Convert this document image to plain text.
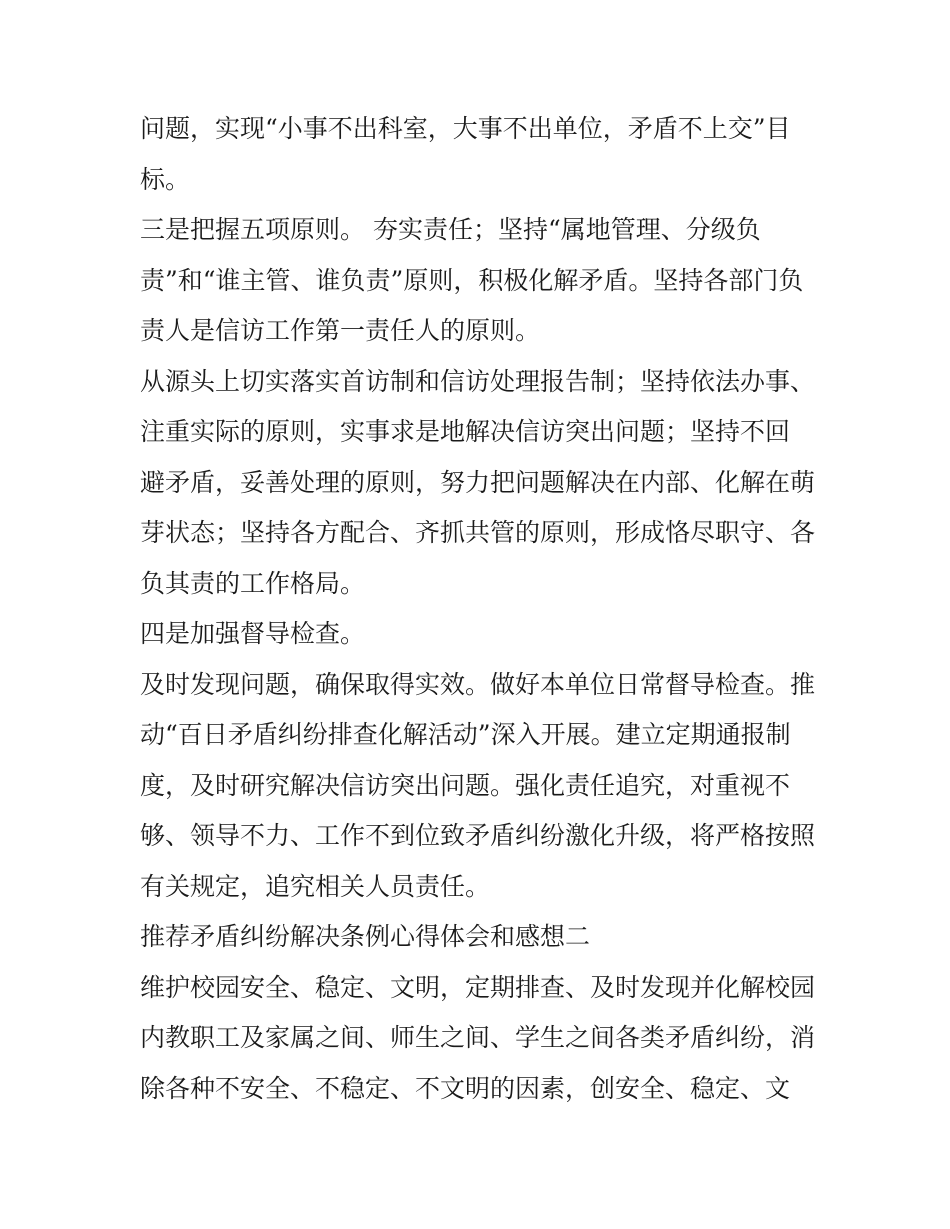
问题，实现“小事不出科室，大事不出单位，矛盾不上交”目
标。
三是把握五项原则。 夯实责任；坚持“属地管理、分级负
责”和“谁主管、谁负责”原则，积极化解矛盾。坚持各部门负
责人是信访工作第一责任人的原则。
从源头上切实落实首访制和信访处理报告制；坚持依法办事、
注重实际的原则，实事求是地解决信访突出问题；坚持不回
避矛盾，妥善处理的原则，努力把问题解决在内部、化解在萌
芽状态；坚持各方配合、齐抓共管的原则，形成恪尽职守、各
负其责的工作格局。
四是加强督导检查。
及时发现问题，确保取得实效。做好本单位日常督导检查。推
动“百日矛盾纠纷排查化解活动”深入开展。建立定期通报制
度，及时研究解决信访突出问题。强化责任追究，对重视不
够、领导不力、工作不到位致矛盾纠纷激化升级，将严格按照
有关规定，追究相关人员责任。
推荐矛盾纠纷解决条例心得体会和感想二
维护校园安全、稳定、文明，定期排查、及时发现并化解校园
内教职工及家属之间、师生之间、学生之间各类矛盾纠纷，消
除各种不安全、不稳定、不文明的因素，创安全、稳定、文
